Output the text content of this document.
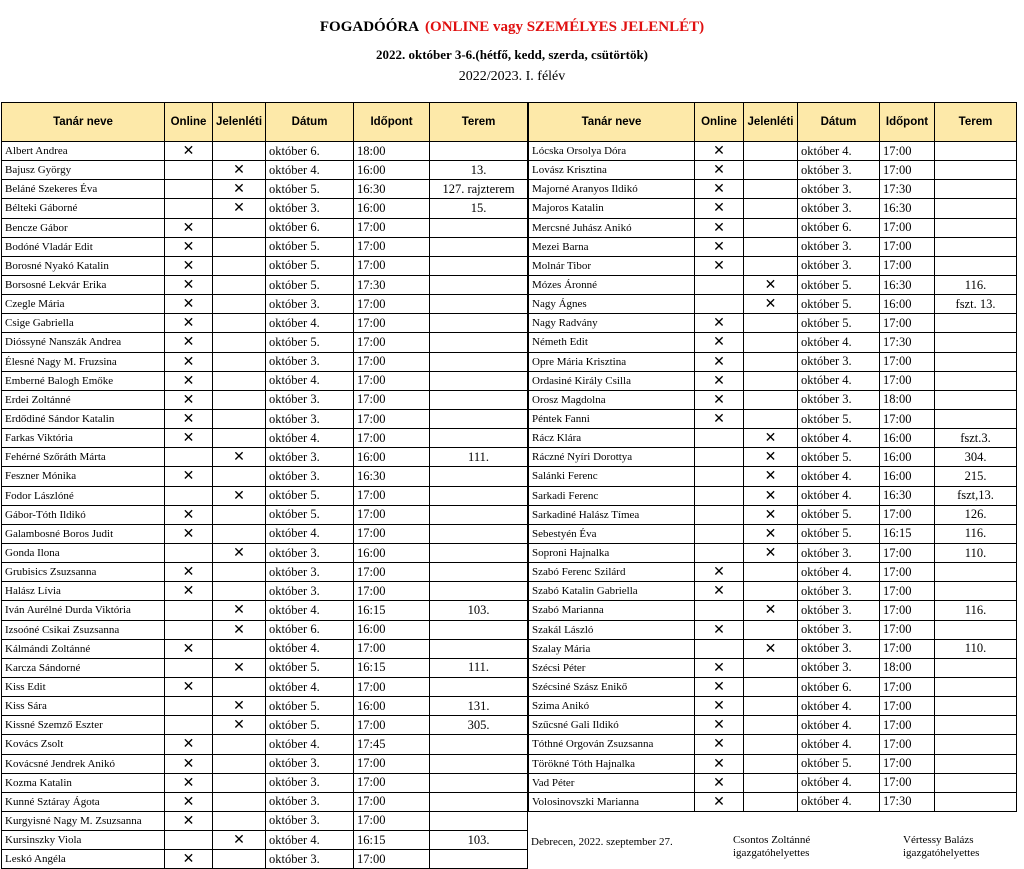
FOGADÓÓRA (ONLINE vagy SZEMÉLYES JELENLÉT)
2022. október 3-6.(hétfő, kedd, szerda, csütörtök)
2022/2023. I. félév
Tanár neve	Online	Jelenléti	Dátum	Időpont	Terem
Albert Andrea	✕		október 6.	18:00	
Bajusz György		✕	október 4.	16:00	13.
Beláné Szekeres Éva		✕	október 5.	16:30	127. rajzterem
Bélteki Gáborné		✕	október 3.	16:00	15.
Bencze Gábor	✕		október 6.	17:00	
Bodóné Vladár Edit	✕		október 5.	17:00	
Borosné Nyakó Katalin	✕		október 5.	17:00	
Borsosné Lekvár Erika	✕		október 5.	17:30	
Czegle Mária	✕		október 3.	17:00	
Csige Gabriella	✕		október 4.	17:00	
Dióssyné Nanszák Andrea	✕		október 5.	17:00	
Élesné Nagy M. Fruzsina	✕		október 3.	17:00	
Emberné Balogh Emőke	✕		október 4.	17:00	
Erdei Zoltánné	✕		október 3.	17:00	
Erdődiné Sándor Katalin	✕		október 3.	17:00	
Farkas Viktória	✕		október 4.	17:00	
Fehérné Szőráth Márta		✕	október 3.	16:00	111.
Feszner Mónika	✕		október 3.	16:30	
Fodor Lászlóné		✕	október 5.	17:00	
Gábor-Tóth Ildikó	✕		október 5.	17:00	
Galambosné Boros Judit	✕		október 4.	17:00	
Gonda Ilona		✕	október 3.	16:00	
Grubisics Zsuzsanna	✕		október 3.	17:00	
Halász Lívia	✕		október 3.	17:00	
Iván Aurélné Durda Viktória		✕	október 4.	16:15	103.
Izsoóné Csikai Zsuzsanna		✕	október 6.	16:00	
Kálmándi Zoltánné	✕		október 4.	17:00	
Karcza Sándorné		✕	október 5.	16:15	111.
Kiss Edit	✕		október 4.	17:00	
Kiss Sára		✕	október 5.	16:00	131.
Kissné Szemző Eszter		✕	október 5.	17:00	305.
Kovács Zsolt	✕		október 4.	17:45	
Kovácsné Jendrek Anikó	✕		október 3.	17:00	
Kozma Katalin	✕		október 3.	17:00	
Kunné Sztáray Ágota	✕		október 3.	17:00	
Kurgyisné Nagy M. Zsuzsanna	✕		október 3.	17:00	
Kursinszky Viola		✕	október 4.	16:15	103.
Leskó Angéla	✕		október 3.	17:00	
Tanár neve	Online	Jelenléti	Dátum	Időpont	Terem
Lócska Orsolya Dóra	✕		október 4.	17:00	
Lovász Krisztina	✕		október 3.	17:00	
Majorné Aranyos Ildikó	✕		október 3.	17:30	
Majoros Katalin	✕		október 3.	16:30	
Mercsné Juhász Anikó	✕		október 6.	17:00	
Mezei Barna	✕		október 3.	17:00	
Molnár Tibor	✕		október 3.	17:00	
Mózes Áronné		✕	október 5.	16:30	116.
Nagy Ágnes		✕	október 5.	16:00	fszt. 13.
Nagy Radvány	✕		október 5.	17:00	
Németh Edit	✕		október 4.	17:30	
Opre Mária Krisztina	✕		október 3.	17:00	
Ordasiné Király Csilla	✕		október 4.	17:00	
Orosz Magdolna	✕		október 3.	18:00	
Péntek Fanni	✕		október 5.	17:00	
Rácz Klára		✕	október 4.	16:00	fszt.3.
Ráczné Nyíri Dorottya		✕	október 5.	16:00	304.
Salánki Ferenc		✕	október 4.	16:00	215.
Sarkadi Ferenc		✕	október 4.	16:30	fszt,13.
Sarkadiné Halász Tímea		✕	október 5.	17:00	126.
Sebestyén Éva		✕	október 5.	16:15	116.
Soproni Hajnalka		✕	október 3.	17:00	110.
Szabó Ferenc Szilárd	✕		október 4.	17:00	
Szabó Katalin Gabriella	✕		október 3.	17:00	
Szabó Marianna		✕	október 3.	17:00	116.
Szakál László	✕		október 3.	17:00	
Szalay Mária		✕	október 3.	17:00	110.
Szécsi Péter	✕		október 3.	18:00	
Szécsiné Szász Enikő	✕		október 6.	17:00	
Szima Anikó	✕		október 4.	17:00	
Szűcsné Gali Ildikó	✕		október 4.	17:00	
Tóthné Orgován Zsuzsanna	✕		október 4.	17:00	
Törökné Tóth Hajnalka	✕		október 5.	17:00	
Vad Péter	✕		október 4.	17:00	
Volosinovszki Marianna	✕		október 4.	17:30	
Debrecen, 2022. szeptember 27.	Csontos Zoltánné
igazgatóhelyettes
Vértessy Balázs
igazgatóhelyettes
